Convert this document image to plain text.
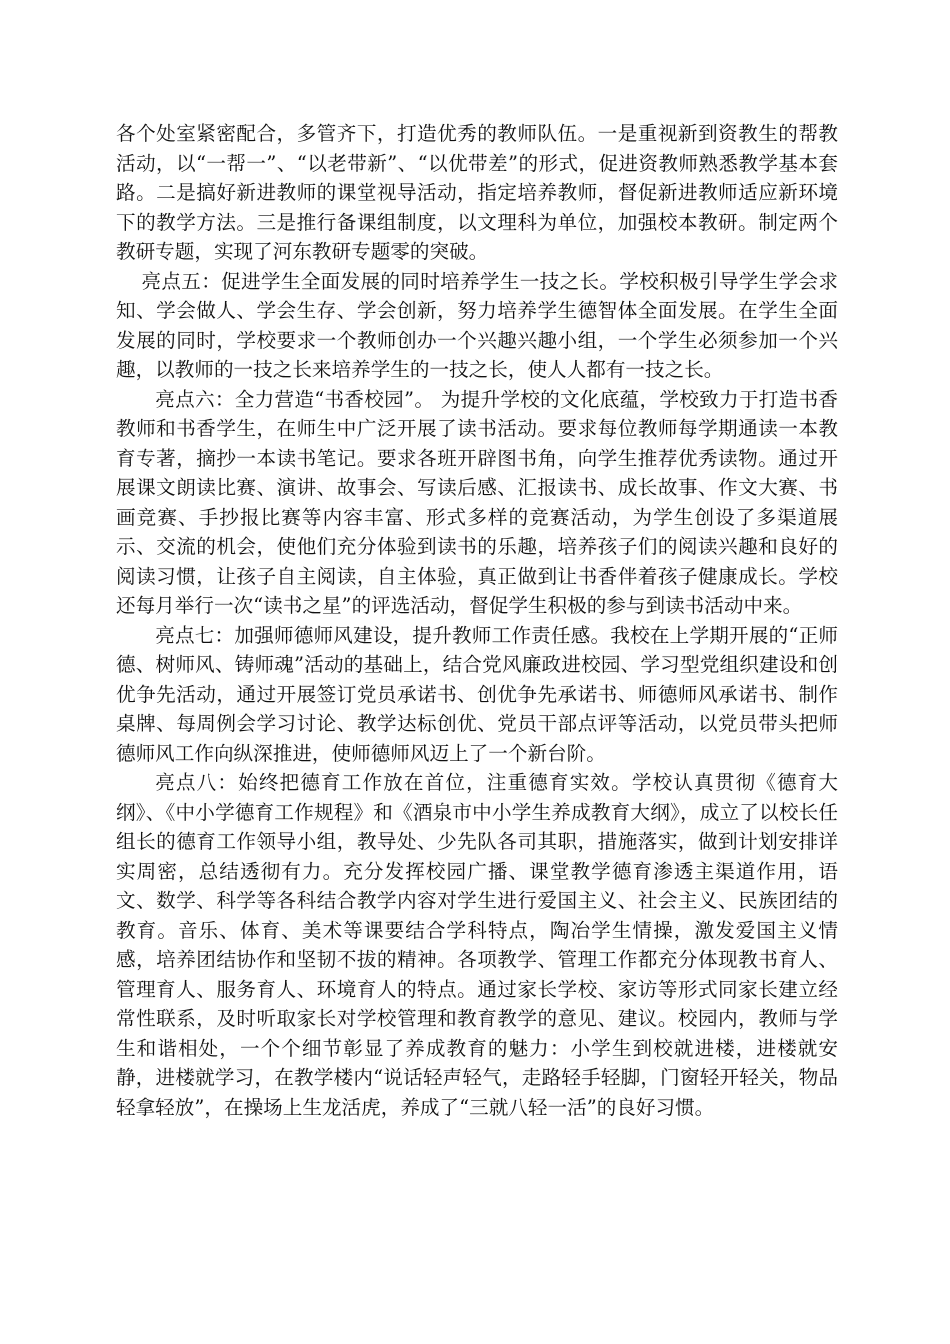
各个处室紧密配合，多管齐下，打造优秀的教师队伍。一是重视新到资教生的帮教活动，以“一帮一”、“以老带新”、“以优带差”的形式，促进资教师熟悉教学基本套路。二是搞好新进教师的课堂视导活动，指定培养教师，督促新进教师适应新环境下的教学方法。三是推行备课组制度，以文理科为单位，加强校本教研。制定两个教研专题，实现了河东教研专题零的突破。

亮点五：促进学生全面发展的同时培养学生一技之长。学校积极引导学生学会求知、学会做人、学会生存、学会创新，努力培养学生德智体全面发展。在学生全面发展的同时，学校要求一个教师创办一个兴趣兴趣小组，一个学生必须参加一个兴趣，以教师的一技之长来培养学生的一技之长，使人人都有一技之长。

亮点六：全力营造“书香校园”。 为提升学校的文化底蕴，学校致力于打造书香教师和书香学生，在师生中广泛开展了读书活动。要求每位教师每学期通读一本教育专著，摘抄一本读书笔记。要求各班开辟图书角，向学生推荐优秀读物。通过开展课文朗读比赛、演讲、故事会、写读后感、汇报读书、成长故事、作文大赛、书画竞赛、手抄报比赛等内容丰富、形式多样的竞赛活动，为学生创设了多渠道展示、交流的机会，使他们充分体验到读书的乐趣，培养孩子们的阅读兴趣和良好的阅读习惯，让孩子自主阅读，自主体验，真正做到让书香伴着孩子健康成长。学校还每月举行一次“读书之星”的评选活动，督促学生积极的参与到读书活动中来。

亮点七：加强师德师风建设，提升教师工作责任感。我校在上学期开展的“正师德、树师风、铸师魂”活动的基础上，结合党风廉政进校园、学习型党组织建设和创优争先活动，通过开展签订党员承诺书、创优争先承诺书、师德师风承诺书、制作桌牌、每周例会学习讨论、教学达标创优、党员干部点评等活动，以党员带头把师德师风工作向纵深推进，使师德师风迈上了一个新台阶。

亮点八：始终把德育工作放在首位，注重德育实效。学校认真贯彻《德育大纲》、《中小学德育工作规程》和《酒泉市中小学生养成教育大纲》，成立了以校长任组长的德育工作领导小组，教导处、少先队各司其职，措施落实，做到计划安排详实周密，总结透彻有力。充分发挥校园广播、课堂教学德育渗透主渠道作用，语文、数学、科学等各科结合教学内容对学生进行爱国主义、社会主义、民族团结的教育。音乐、体育、美术等课要结合学科特点，陶冶学生情操，激发爱国主义情感，培养团结协作和坚韧不拔的精神。各项教学、管理工作都充分体现教书育人、管理育人、服务育人、环境育人的特点。通过家长学校、家访等形式同家长建立经常性联系，及时听取家长对学校管理和教育教学的意见、建议。校园内，教师与学生和谐相处，一个个细节彰显了养成教育的魅力：小学生到校就进楼，进楼就安静，进楼就学习，在教学楼内“说话轻声轻气，走路轻手轻脚，门窗轻开轻关，物品轻拿轻放”，在操场上生龙活虎，养成了“三就八轻一活”的良好习惯。
